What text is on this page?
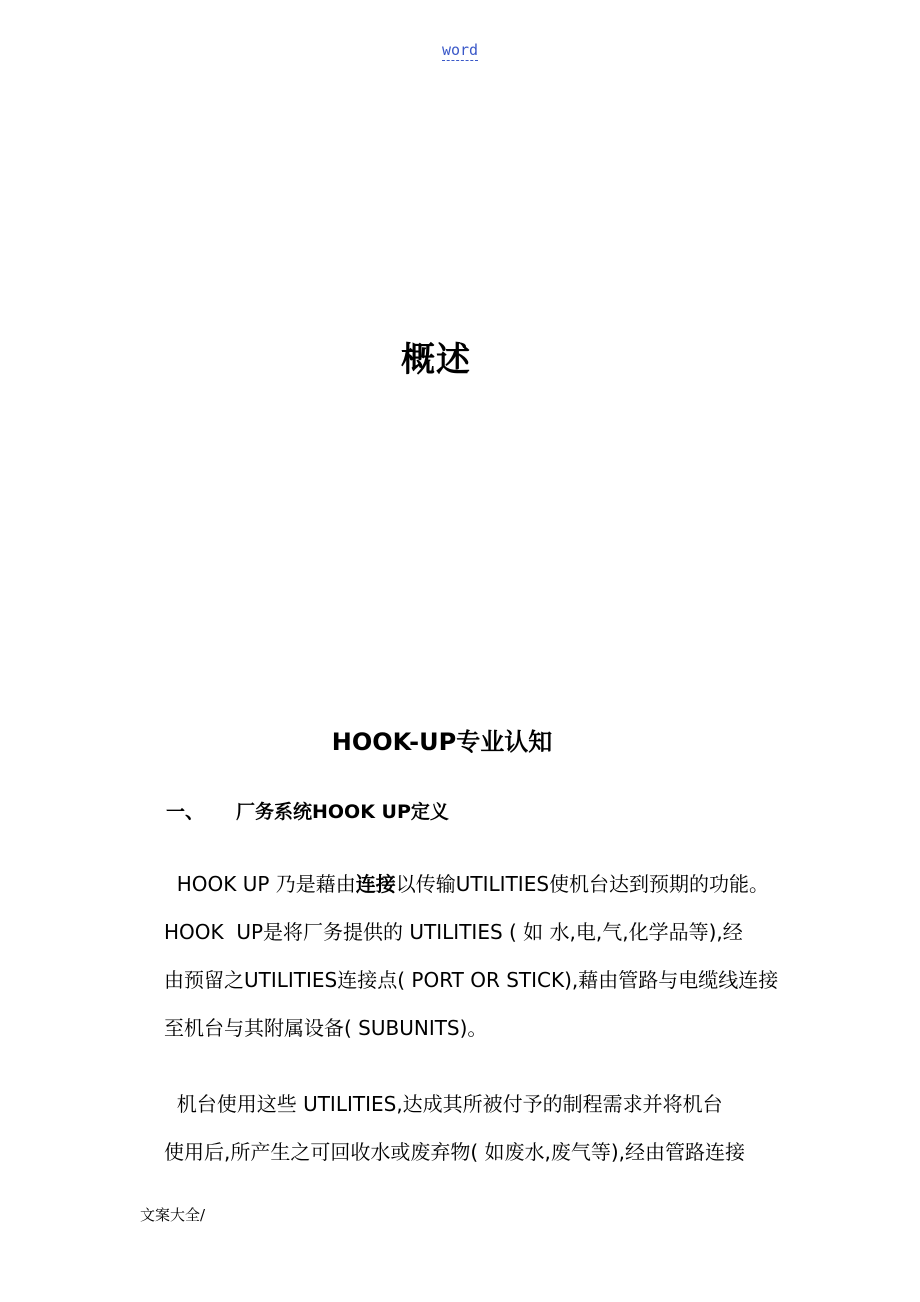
word
概述
HOOK-UP专业认知
一、 厂务系统HOOK UP定义
HOOK UP 乃是藉由连接以传输UTILITIES使机台达到预期的功能。
HOOK  UP是将厂务提供的 UTILITIES ( 如 水,电,气,化学品等),经
由预留之UTILITIES连接点( PORT OR STICK),藉由管路与电缆线连接
至机台与其附属设备( SUBUNITS)。
机台使用这些 UTILITIES,达成其所被付予的制程需求并将机台
使用后,所产生之可回收水或废弃物( 如废水,废气等),经由管路连接
文案大全/
